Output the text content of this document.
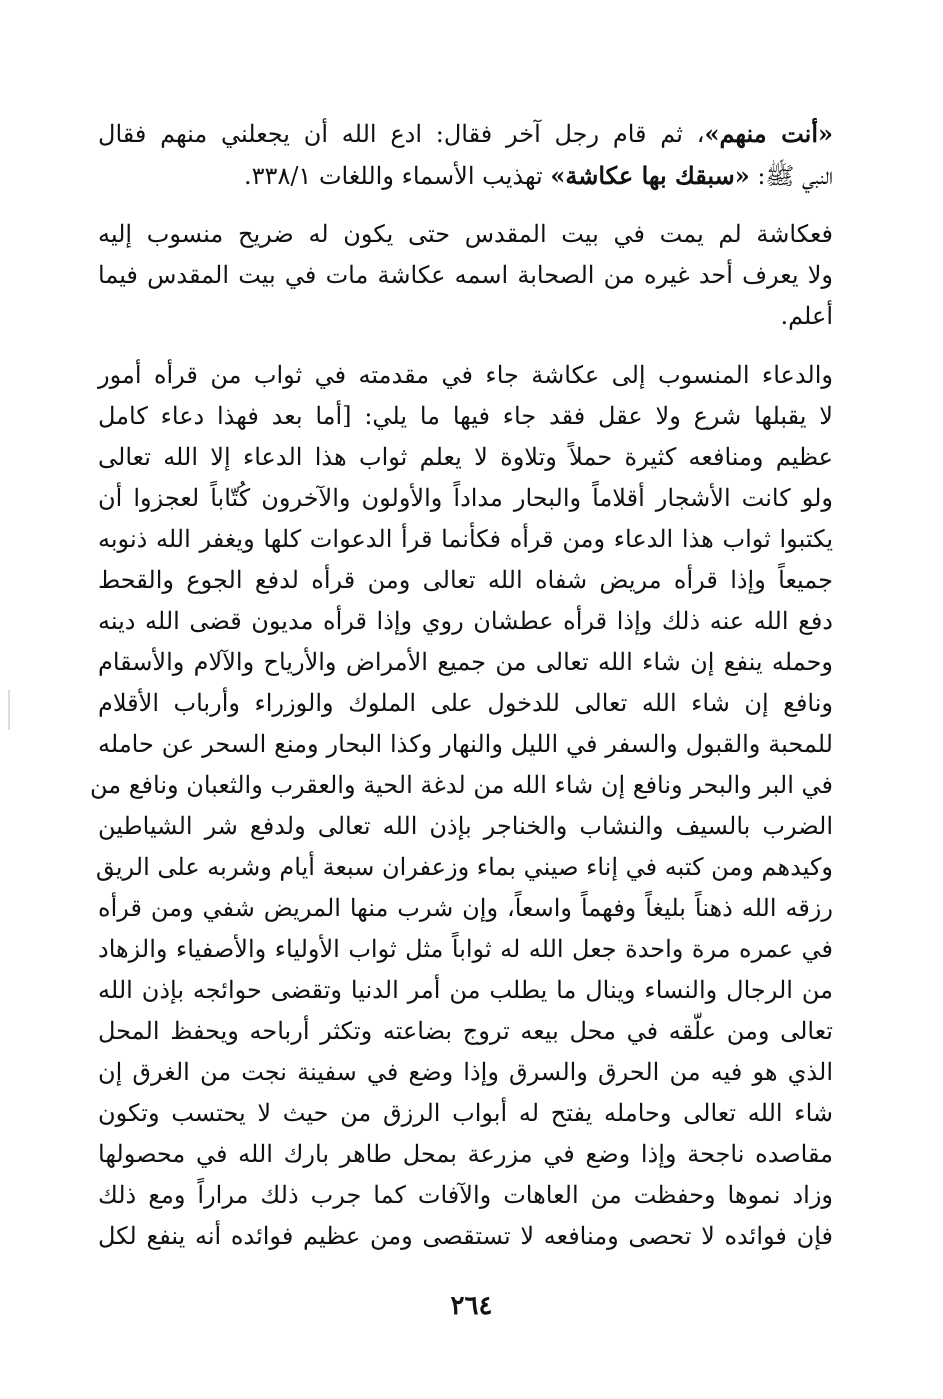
«أنت منهم»، ثم قام رجل آخر فقال: ادع الله أن يجعلني منهم فقال
النبي ﷺ: «سبقك بها عكاشة» تهذيب الأسماء واللغات ٣٣٨/١.

فعكاشة لم يمت في بيت المقدس حتى يكون له ضريح منسوب إليه
ولا يعرف أحد غيره من الصحابة اسمه عكاشة مات في بيت المقدس فيما
أعلم.

والدعاء المنسوب إلى عكاشة جاء في مقدمته في ثواب من قرأه أمور
لا يقبلها شرع ولا عقل فقد جاء فيها ما يلي: [أما بعد فهذا دعاء كامل
عظيم ومنافعه كثيرة حملاً وتلاوة لا يعلم ثواب هذا الدعاء إلا الله تعالى
ولو كانت الأشجار أقلاماً والبحار مداداً والأولون والآخرون كُتّاباً لعجزوا أن
يكتبوا ثواب هذا الدعاء ومن قرأه فكأنما قرأ الدعوات كلها ويغفر الله ذنوبه
جميعاً وإذا قرأه مريض شفاه الله تعالى ومن قرأه لدفع الجوع والقحط
دفع الله عنه ذلك وإذا قرأه عطشان روي وإذا قرأه مديون قضى الله دينه
وحمله ينفع إن شاء الله تعالى من جميع الأمراض والأرياح والآلام والأسقام
ونافع إن شاء الله تعالى للدخول على الملوك والوزراء وأرباب الأقلام
للمحبة والقبول والسفر في الليل والنهار وكذا البحار ومنع السحر عن حامله
في البر والبحر ونافع إن شاء الله من لدغة الحية والعقرب والثعبان ونافع من
الضرب بالسيف والنشاب والخناجر بإذن الله تعالى ولدفع شر الشياطين
وكيدهم ومن كتبه في إناء صيني بماء وزعفران سبعة أيام وشربه على الريق
رزقه الله ذهناً بليغاً وفهماً واسعاً، وإن شرب منها المريض شفي ومن قرأه
في عمره مرة واحدة جعل الله له ثواباً مثل ثواب الأولياء والأصفياء والزهاد
من الرجال والنساء وينال ما يطلب من أمر الدنيا وتقضى حوائجه بإذن الله
تعالى ومن علّقه في محل بيعه تروج بضاعته وتكثر أرباحه ويحفظ المحل
الذي هو فيه من الحرق والسرق وإذا وضع في سفينة نجت من الغرق إن
شاء الله تعالى وحامله يفتح له أبواب الرزق من حيث لا يحتسب وتكون
مقاصده ناجحة وإذا وضع في مزرعة بمحل طاهر بارك الله في محصولها
وزاد نموها وحفظت من العاهات والآفات كما جرب ذلك مراراً ومع ذلك
فإن فوائده لا تحصى ومنافعه لا تستقصى ومن عظيم فوائده أنه ينفع لكل

٢٦٤
